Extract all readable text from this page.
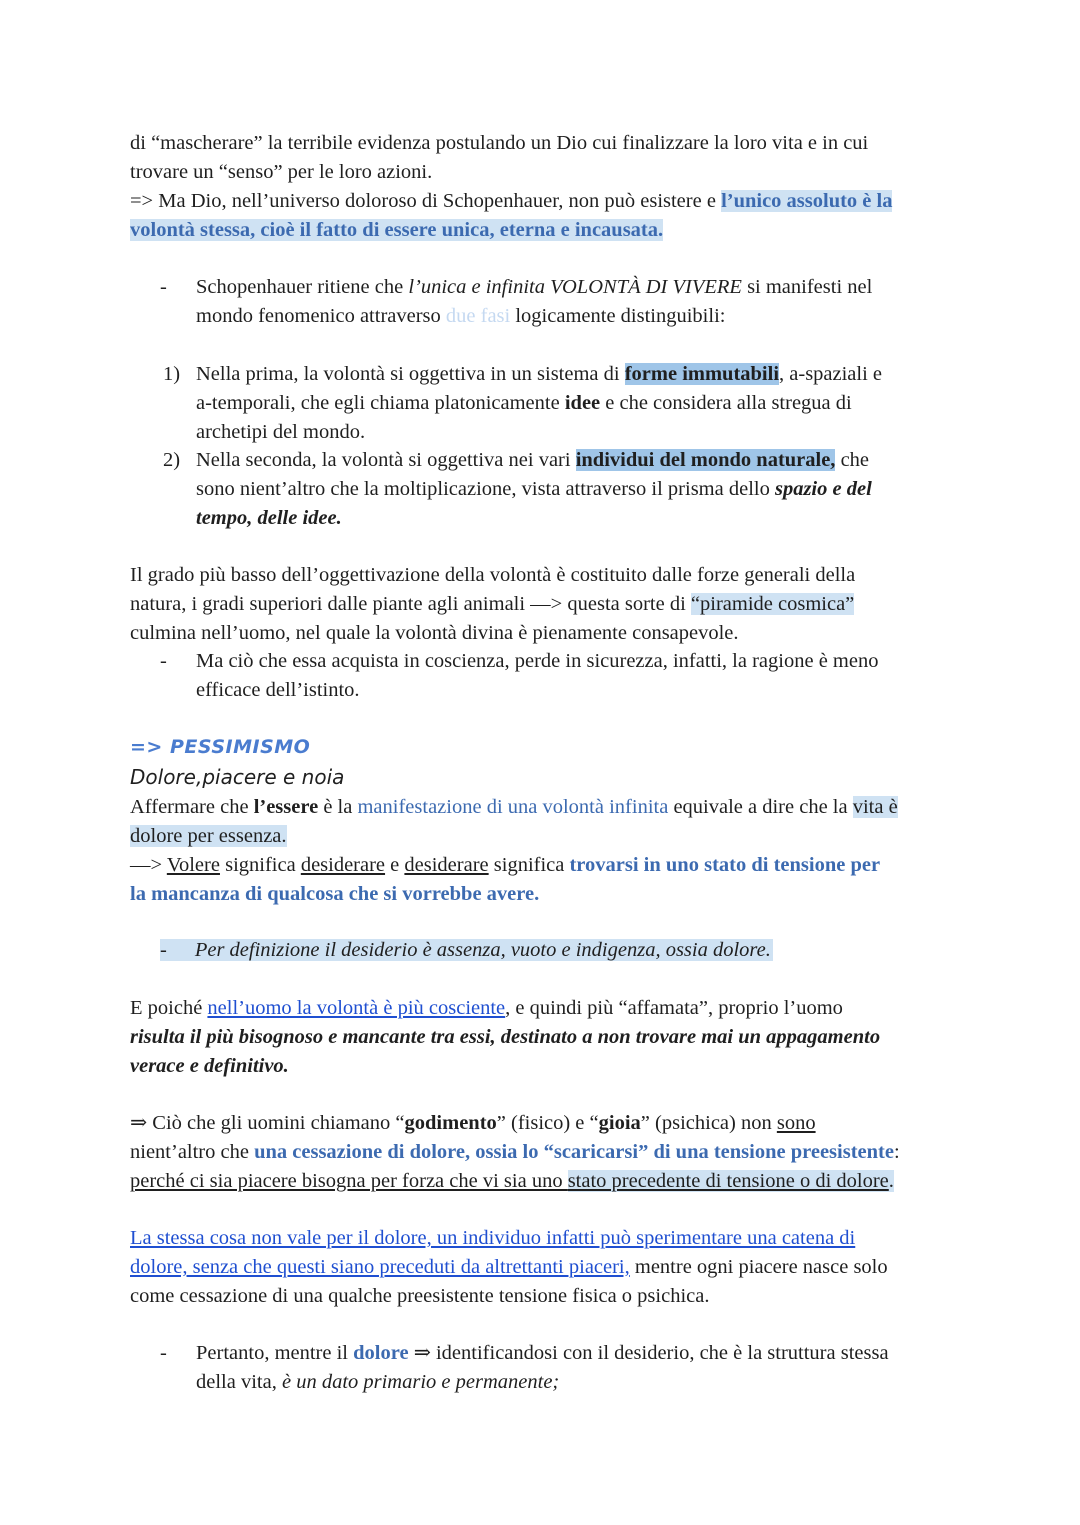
di “mascherare” la terribile evidenza postulando un Dio cui finalizzare la loro vita e in cui
trovare un “senso” per le loro azioni.
=> Ma Dio, nell’universo doloroso di Schopenhauer, non può esistere e l’unico assoluto è la
volontà stessa, cioè il fatto di essere unica, eterna e incausata.

- Schopenhauer ritiene che l’unica e infinita VOLONTÀ DI VIVERE si manifesti nel
mondo fenomenico attraverso due fasi logicamente distinguibili:

1) Nella prima, la volontà si oggettiva in un sistema di forme immutabili, a-spaziali e
a-temporali, che egli chiama platonicamente idee e che considera alla stregua di
archetipi del mondo.

2) Nella seconda, la volontà si oggettiva nei vari individui del mondo naturale, che
sono nient’altro che la moltiplicazione, vista attraverso il prisma dello spazio e del
tempo, delle idee.

Il grado più basso dell’oggettivazione della volontà è costituito dalle forze generali della
natura, i gradi superiori dalle piante agli animali —> questa sorte di “piramide cosmica”
culmina nell’uomo, nel quale la volontà divina è pienamente consapevole.

- Ma ciò che essa acquista in coscienza, perde in sicurezza, infatti, la ragione è meno
efficace dell’istinto.

=> PESSIMISMO
Dolore,piacere e noia

Affermare che l’essere è la manifestazione di una volontà infinita equivale a dire che la vita è
dolore per essenza.
—> Volere significa desiderare e desiderare significa trovarsi in uno stato di tensione per
la mancanza di qualcosa che si vorrebbe avere.

- Per definizione il desiderio è assenza, vuoto e indigenza, ossia dolore.

E poiché nell’uomo la volontà è più cosciente, e quindi più “affamata”, proprio l’uomo
risulta il più bisognoso e mancante tra essi, destinato a non trovare mai un appagamento
verace e definitivo.

⇒ Ciò che gli uomini chiamano “godimento” (fisico) e “gioia” (psichica) non sono
nient’altro che una cessazione di dolore, ossia lo “scaricarsi” di una tensione preesistente:
perché ci sia piacere bisogna per forza che vi sia uno stato precedente di tensione o di dolore.

La stessa cosa non vale per il dolore, un individuo infatti può sperimentare una catena di
dolore, senza che questi siano preceduti da altrettanti piaceri, mentre ogni piacere nasce solo
come cessazione di una qualche preesistente tensione fisica o psichica.

- Pertanto, mentre il dolore ⇒ identificandosi con il desiderio, che è la struttura stessa
della vita, è un dato primario e permanente;
